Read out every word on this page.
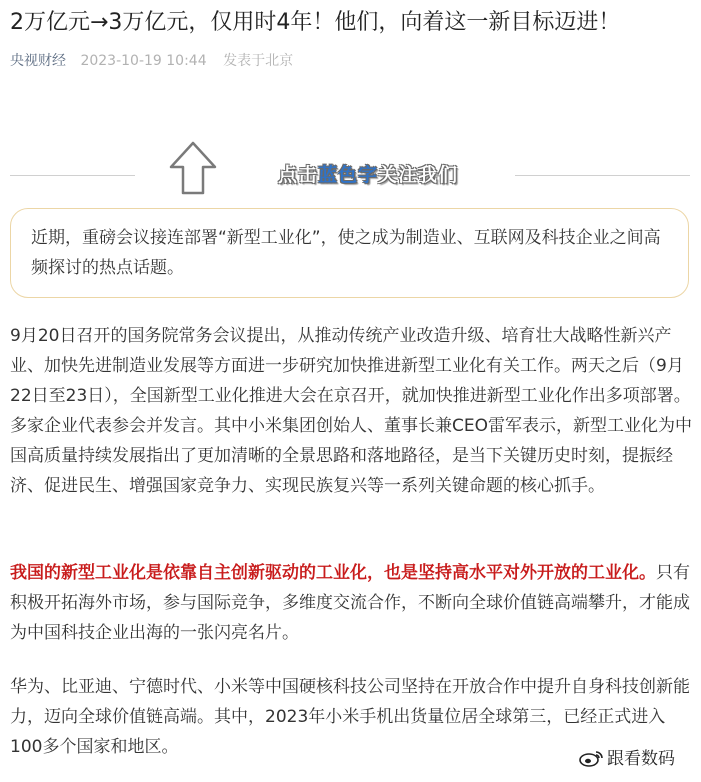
2万亿元→3万亿元，仅用时4年！他们，向着这一新目标迈进！
央视财经 2023-10-19 10:44 发表于北京
点击蓝色字关注我们
近期，重磅会议接连部署“新型工业化”，使之成为制造业、互联网及科技企业之间高频探讨的热点话题。

9月20日召开的国务院常务会议提出，从推动传统产业改造升级、培育壮大战略性新兴产业、加快先进制造业发展等方面进一步研究加快推进新型工业化有关工作。两天之后（9月22日至23日），全国新型工业化推进大会在京召开，就加快推进新型工业化作出多项部署。多家企业代表参会并发言。其中小米集团创始人、董事长兼CEO雷军表示，新型工业化为中国高质量持续发展指出了更加清晰的全景思路和落地路径，是当下关键历史时刻，提振经济、促进民生、增强国家竞争力、实现民族复兴等一系列关键命题的核心抓手。

我国的新型工业化是依靠自主创新驱动的工业化，也是坚持高水平对外开放的工业化。只有积极开拓海外市场，参与国际竞争，多维度交流合作，不断向全球价值链高端攀升，才能成为中国科技企业出海的一张闪亮名片。

华为、比亚迪、宁德时代、小米等中国硬核科技公司坚持在开放合作中提升自身科技创新能力，迈向全球价值链高端。其中，2023年小米手机出货量位居全球第三，已经正式进入100多个国家和地区。

跟看数码
